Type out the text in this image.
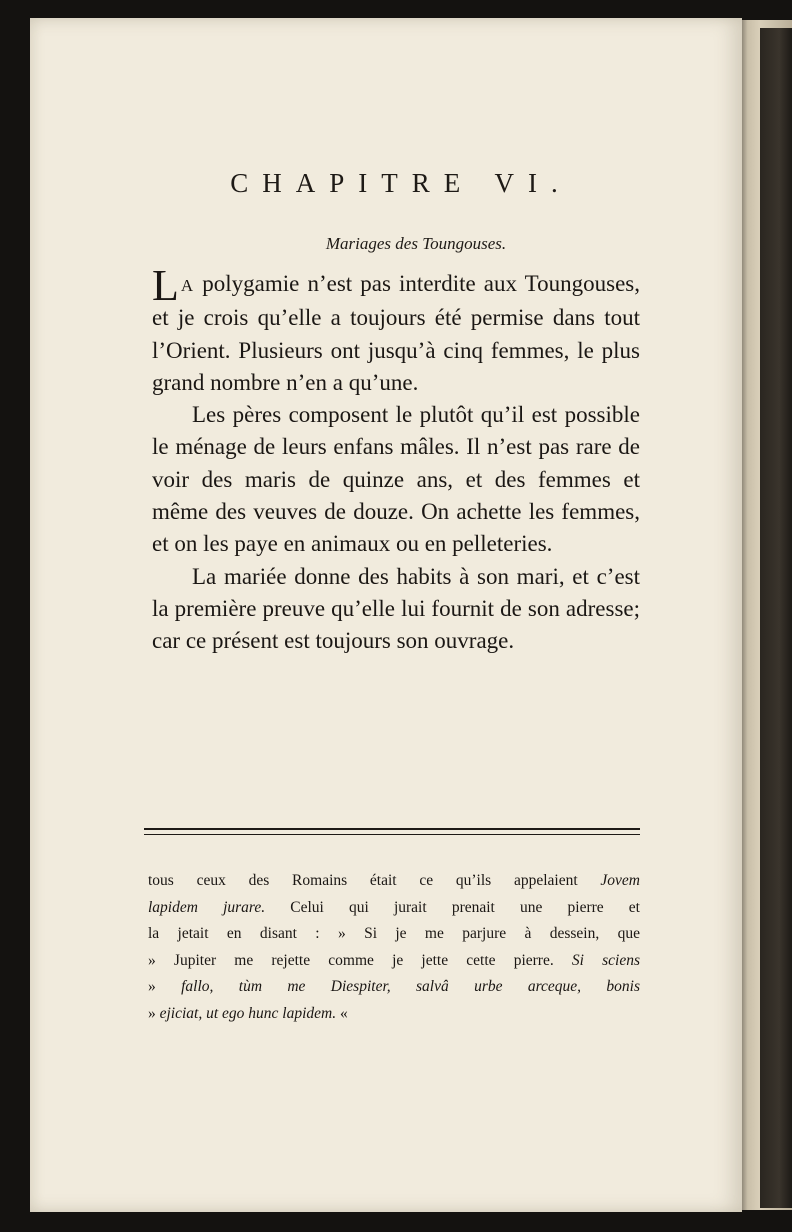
CHAPITRE VI.
Mariages des Toungouses.

L A polygamie n’est pas interdite aux Toungouses, et je crois qu’elle a toujours été permise dans tout l’Orient. Plusieurs ont jusqu’à cinq femmes, le plus grand nombre n’en a qu’une.

Les pères composent le plutôt qu’il est possible le ménage de leurs enfans mâles. Il n’est pas rare de voir des maris de quinze ans, et des femmes et même des veuves de douze. On achette les femmes, et on les paye en animaux ou en pelleteries.

La mariée donne des habits à son mari, et c’est la première preuve qu’elle lui fournit de son adresse; car ce présent est toujours son ouvrage.

tous ceux des Romains était ce qu’ils appelaient Jovem
lapidem jurare. Celui qui jurait prenait une pierre et
la jetait en disant : » Si je me parjure à dessein, que
» Jupiter me rejette comme je jette cette pierre. Si sciens
» fallo, tùm me Diespiter, salvâ urbe arceque, bonis
» ejiciat, ut ego hunc lapidem. «
